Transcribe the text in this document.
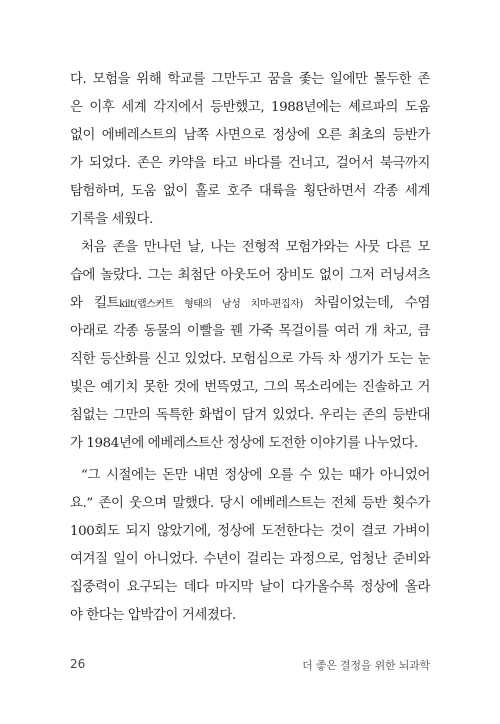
다. 모험을 위해 학교를 그만두고 꿈을 좇는 일에만 몰두한 존
은 이후 세계 각지에서 등반했고, 1988년에는 셰르파의 도움
없이 에베레스트의 남쪽 사면으로 정상에 오른 최초의 등반가
가 되었다. 존은 카약을 타고 바다를 건너고, 걸어서 북극까지
탐험하며, 도움 없이 홀로 호주 대륙을 횡단하면서 각종 세계
기록을 세웠다.
처음 존을 만나던 날, 나는 전형적 모험가와는 사뭇 다른 모
습에 놀랐다. 그는 최첨단 아웃도어 장비도 없이 그저 러닝셔츠
와 킬트kilt(랩스커트 형태의 남성 치마-편집자) 차림이었는데, 수염
아래로 각종 동물의 이빨을 꿴 가죽 목걸이를 여러 개 차고, 큼
직한 등산화를 신고 있었다. 모험심으로 가득 차 생기가 도는 눈
빛은 예기치 못한 것에 번뜩였고, 그의 목소리에는 진솔하고 거
침없는 그만의 독특한 화법이 담겨 있었다. 우리는 존의 등반대
가 1984년에 에베레스트산 정상에 도전한 이야기를 나누었다.
“그 시절에는 돈만 내면 정상에 오를 수 있는 때가 아니었어
요.” 존이 웃으며 말했다. 당시 에베레스트는 전체 등반 횟수가
100회도 되지 않았기에, 정상에 도전한다는 것이 결코 가벼이
여겨질 일이 아니었다. 수년이 걸리는 과정으로, 엄청난 준비와
집중력이 요구되는 데다 마지막 날이 다가올수록 정상에 올라
야 한다는 압박감이 거세졌다.
26	더 좋은 결정을 위한 뇌과학
